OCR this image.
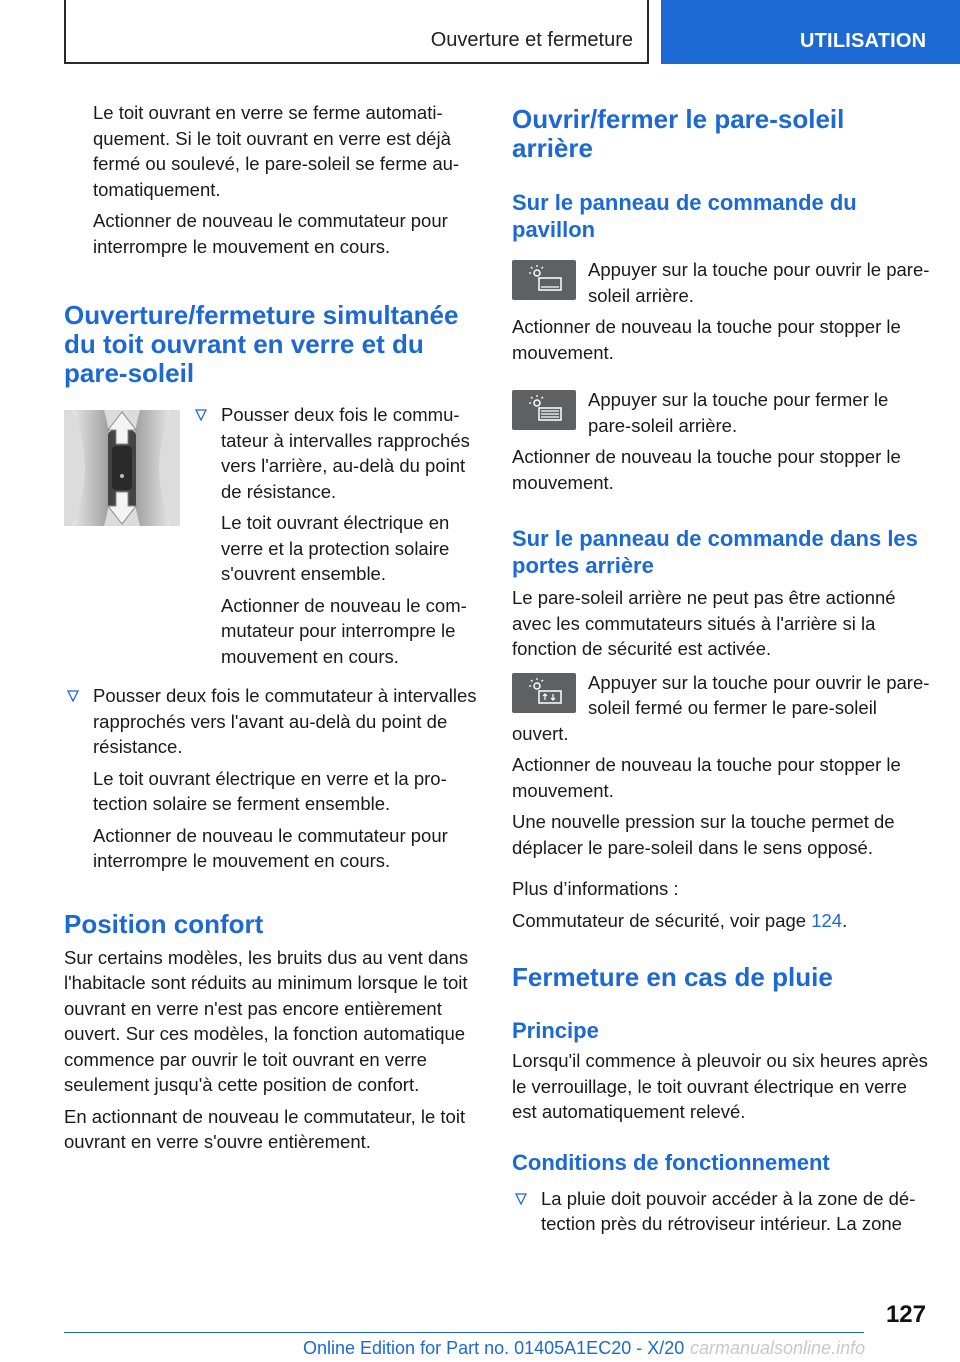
Ouverture et fermeture	UTILISATION

Le toit ouvrant en verre se ferme automatiquement. Si le toit ouvrant en verre est déjà fermé ou soulevé, le pare-soleil se ferme automatiquement.

Actionner de nouveau le commutateur pour interrompre le mouvement en cours.

Ouverture/fermeture simultanée du toit ouvrant en verre et du pare-soleil

Pousser deux fois le commutateur à intervalles rapprochés vers l'arrière, au-delà du point de résistance.

Le toit ouvrant électrique en verre et la protection solaire s'ouvrent ensemble.

Actionner de nouveau le commutateur pour interrompre le mouvement en cours.

Pousser deux fois le commutateur à intervalles rapprochés vers l'avant au-delà du point de résistance.

Le toit ouvrant électrique en verre et la protection solaire se ferment ensemble.

Actionner de nouveau le commutateur pour interrompre le mouvement en cours.

Position confort

Sur certains modèles, les bruits dus au vent dans l'habitacle sont réduits au minimum lorsque le toit ouvrant en verre n'est pas encore entièrement ouvert. Sur ces modèles, la fonction automatique commence par ouvrir le toit ouvrant en verre seulement jusqu'à cette position de confort.

En actionnant de nouveau le commutateur, le toit ouvrant en verre s'ouvre entièrement.

Ouvrir/fermer le pare-soleil arrière
Sur le panneau de commande du pavillon

Appuyer sur la touche pour ouvrir le pare-soleil arrière.

Actionner de nouveau la touche pour stopper le mouvement.

Appuyer sur la touche pour fermer le pare-soleil arrière.

Actionner de nouveau la touche pour stopper le mouvement.

Sur le panneau de commande dans les portes arrière

Le pare-soleil arrière ne peut pas être actionné avec les commutateurs situés à l'arrière si la fonction de sécurité est activée.

Appuyer sur la touche pour ouvrir le pare-soleil fermé ou fermer le pare-soleil ouvert.

Actionner de nouveau la touche pour stopper le mouvement.

Une nouvelle pression sur la touche permet de déplacer le pare-soleil dans le sens opposé.

Plus d’informations :

Commutateur de sécurité, voir page 124.

Fermeture en cas de pluie
Principe

Lorsqu'il commence à pleuvoir ou six heures après le verrouillage, le toit ouvrant électrique en verre est automatiquement relevé.

Conditions de fonctionnement

La pluie doit pouvoir accéder à la zone de détection près du rétroviseur intérieur. La zone

127
Online Edition for Part no. 01405A1EC20 - X/20 carmanualsonline.info
